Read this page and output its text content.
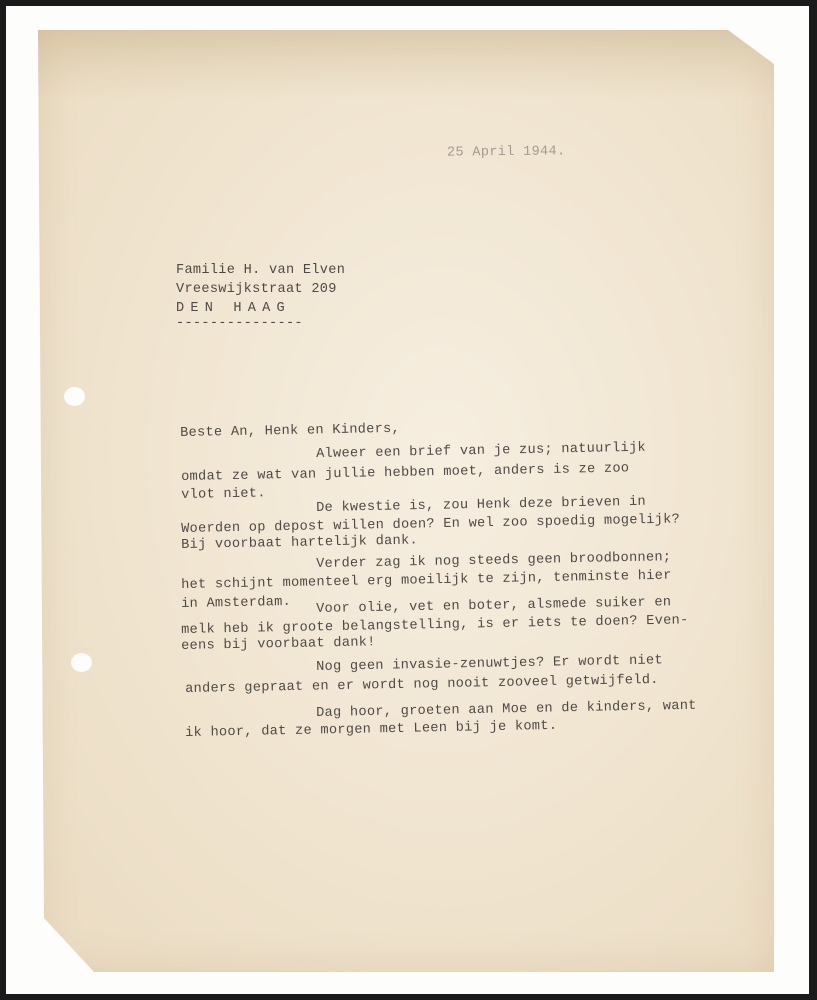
25 April 1944.
Familie H. van Elven
Vreeswijkstraat 209
DEN HAAG
---------------
Beste An, Henk en Kinders,
Alweer een brief van je zus; natuurlijk
omdat ze wat van jullie hebben moet, anders is ze zoo
vlot niet.	De kwestie is, zou Henk deze brieven in
Woerden op depost willen doen? En wel zoo spoedig mogelijk?
Bij voorbaat hartelijk dank.
Verder zag ik nog steeds geen broodbonnen;
het schijnt momenteel erg moeilijk te zijn, tenminste hier
in Amsterdam. Voor olie, vet en boter, alsmede suiker en
melk heb ik groote belangstelling, is er iets te doen? Even-
eens bij voorbaat dank!
Nog geen invasie-zenuwtjes? Er wordt niet
anders gepraat en er wordt nog nooit zooveel getwijfeld.
Dag hoor, groeten aan Moe en de kinders, want
ik hoor, dat ze morgen met Leen bij je komt.
